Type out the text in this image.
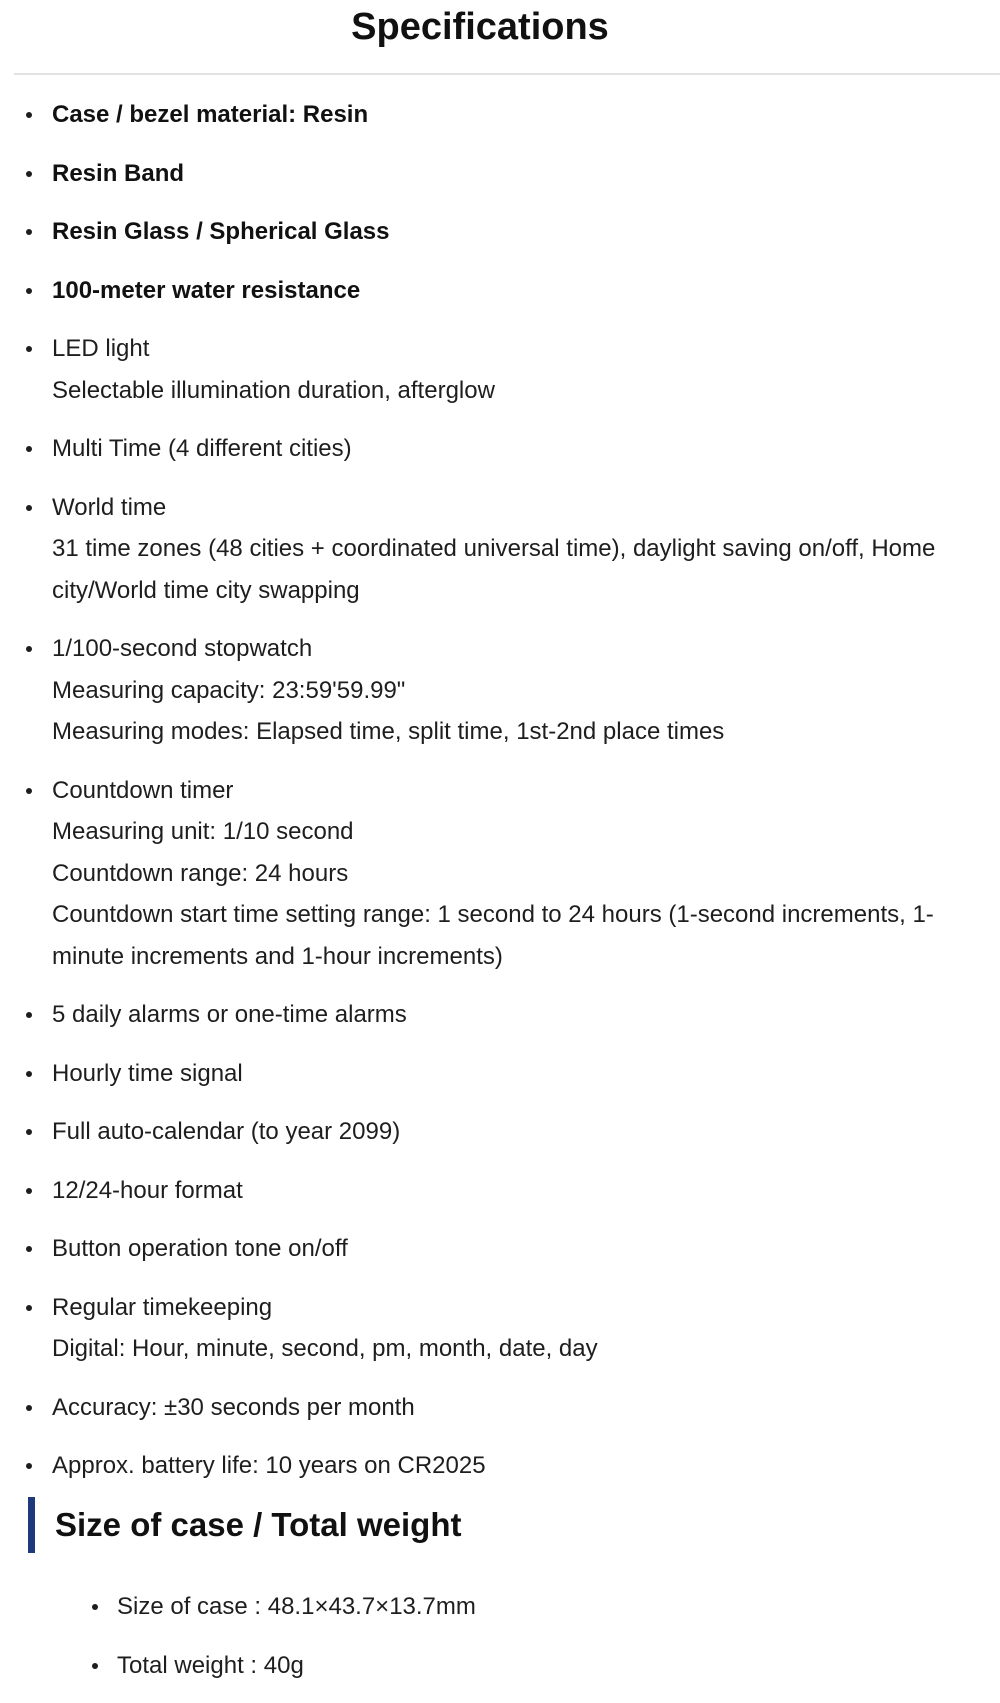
Specifications
Case / bezel material: Resin
Resin Band
Resin Glass / Spherical Glass
100-meter water resistance
LED light
Selectable illumination duration, afterglow
Multi Time (4 different cities)
World time
31 time zones (48 cities + coordinated universal time), daylight saving on/off, Home city/World time city swapping
1/100-second stopwatch
Measuring capacity: 23:59'59.99"
Measuring modes: Elapsed time, split time, 1st-2nd place times
Countdown timer
Measuring unit: 1/10 second
Countdown range: 24 hours
Countdown start time setting range: 1 second to 24 hours (1-second increments, 1-minute increments and 1-hour increments)
5 daily alarms or one-time alarms
Hourly time signal
Full auto-calendar (to year 2099)
12/24-hour format
Button operation tone on/off
Regular timekeeping
Digital: Hour, minute, second, pm, month, date, day
Accuracy: ±30 seconds per month
Approx. battery life: 10 years on CR2025
Size of case / Total weight
Size of case : 48.1×43.7×13.7mm
Total weight : 40g
